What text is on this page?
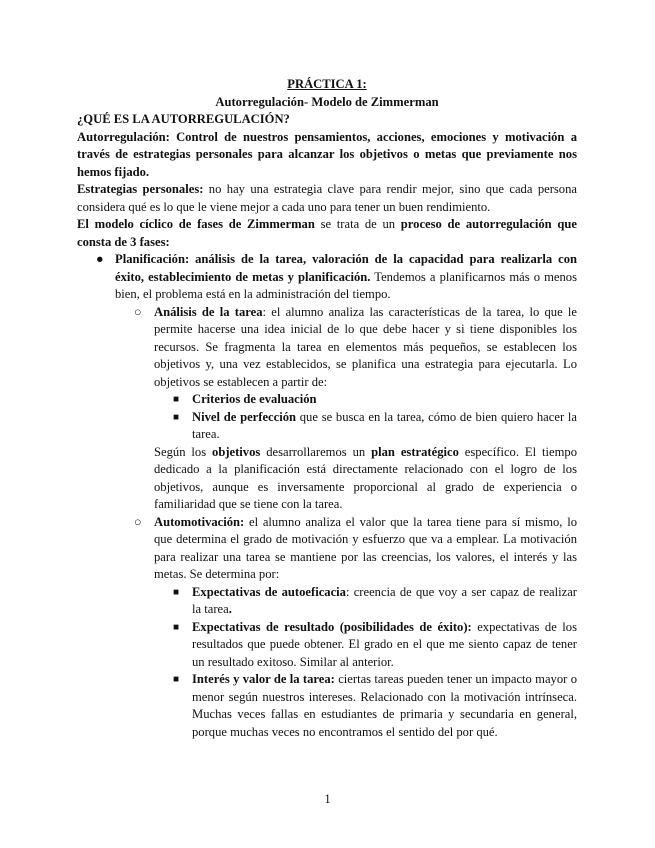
PRÁCTICA 1:

Autorregulación- Modelo de Zimmerman

¿QUÉ ES LA AUTORREGULACIÓN?

Autorregulación: Control de nuestros pensamientos, acciones, emociones y motivación a través de estrategias personales para alcanzar los objetivos o metas que previamente nos hemos fijado.

Estrategias personales: no hay una estrategia clave para rendir mejor, sino que cada persona considera qué es lo que le viene mejor a cada uno para tener un buen rendimiento.

El modelo cíclico de fases de Zimmerman se trata de un proceso de autorregulación que consta de 3 fases:

● Planificación: análisis de la tarea, valoración de la capacidad para realizarla con éxito, establecimiento de metas y planificación. Tendemos a planificarnos más o menos bien, el problema está en la administración del tiempo.

○ Análisis de la tarea: el alumno analiza las características de la tarea, lo que le permite hacerse una idea inicial de lo que debe hacer y si tiene disponibles los recursos. Se fragmenta la tarea en elementos más pequeños, se establecen los objetivos y, una vez establecidos, se planifica una estrategia para ejecutarla. Lo objetivos se establecen a partir de:

■ Criterios de evaluación

■ Nivel de perfección que se busca en la tarea, cómo de bien quiero hacer la tarea.

Según los objetivos desarrollaremos un plan estratégico específico. El tiempo dedicado a la planificación está directamente relacionado con el logro de los objetivos, aunque es inversamente proporcional al grado de experiencia o familiaridad que se tiene con la tarea.

○ Automotivación: el alumno analiza el valor que la tarea tiene para sí mismo, lo que determina el grado de motivación y esfuerzo que va a emplear. La motivación para realizar una tarea se mantiene por las creencias, los valores, el interés y las metas. Se determina por:

■ Expectativas de autoeficacia: creencia de que voy a ser capaz de realizar la tarea.

■ Expectativas de resultado (posibilidades de éxito): expectativas de los resultados que puede obtener. El grado en el que me siento capaz de tener un resultado exitoso. Similar al anterior.

■ Interés y valor de la tarea: ciertas tareas pueden tener un impacto mayor o menor según nuestros intereses. Relacionado con la motivación intrínseca. Muchas veces fallas en estudiantes de primaria y secundaria en general, porque muchas veces no encontramos el sentido del por qué.

1
